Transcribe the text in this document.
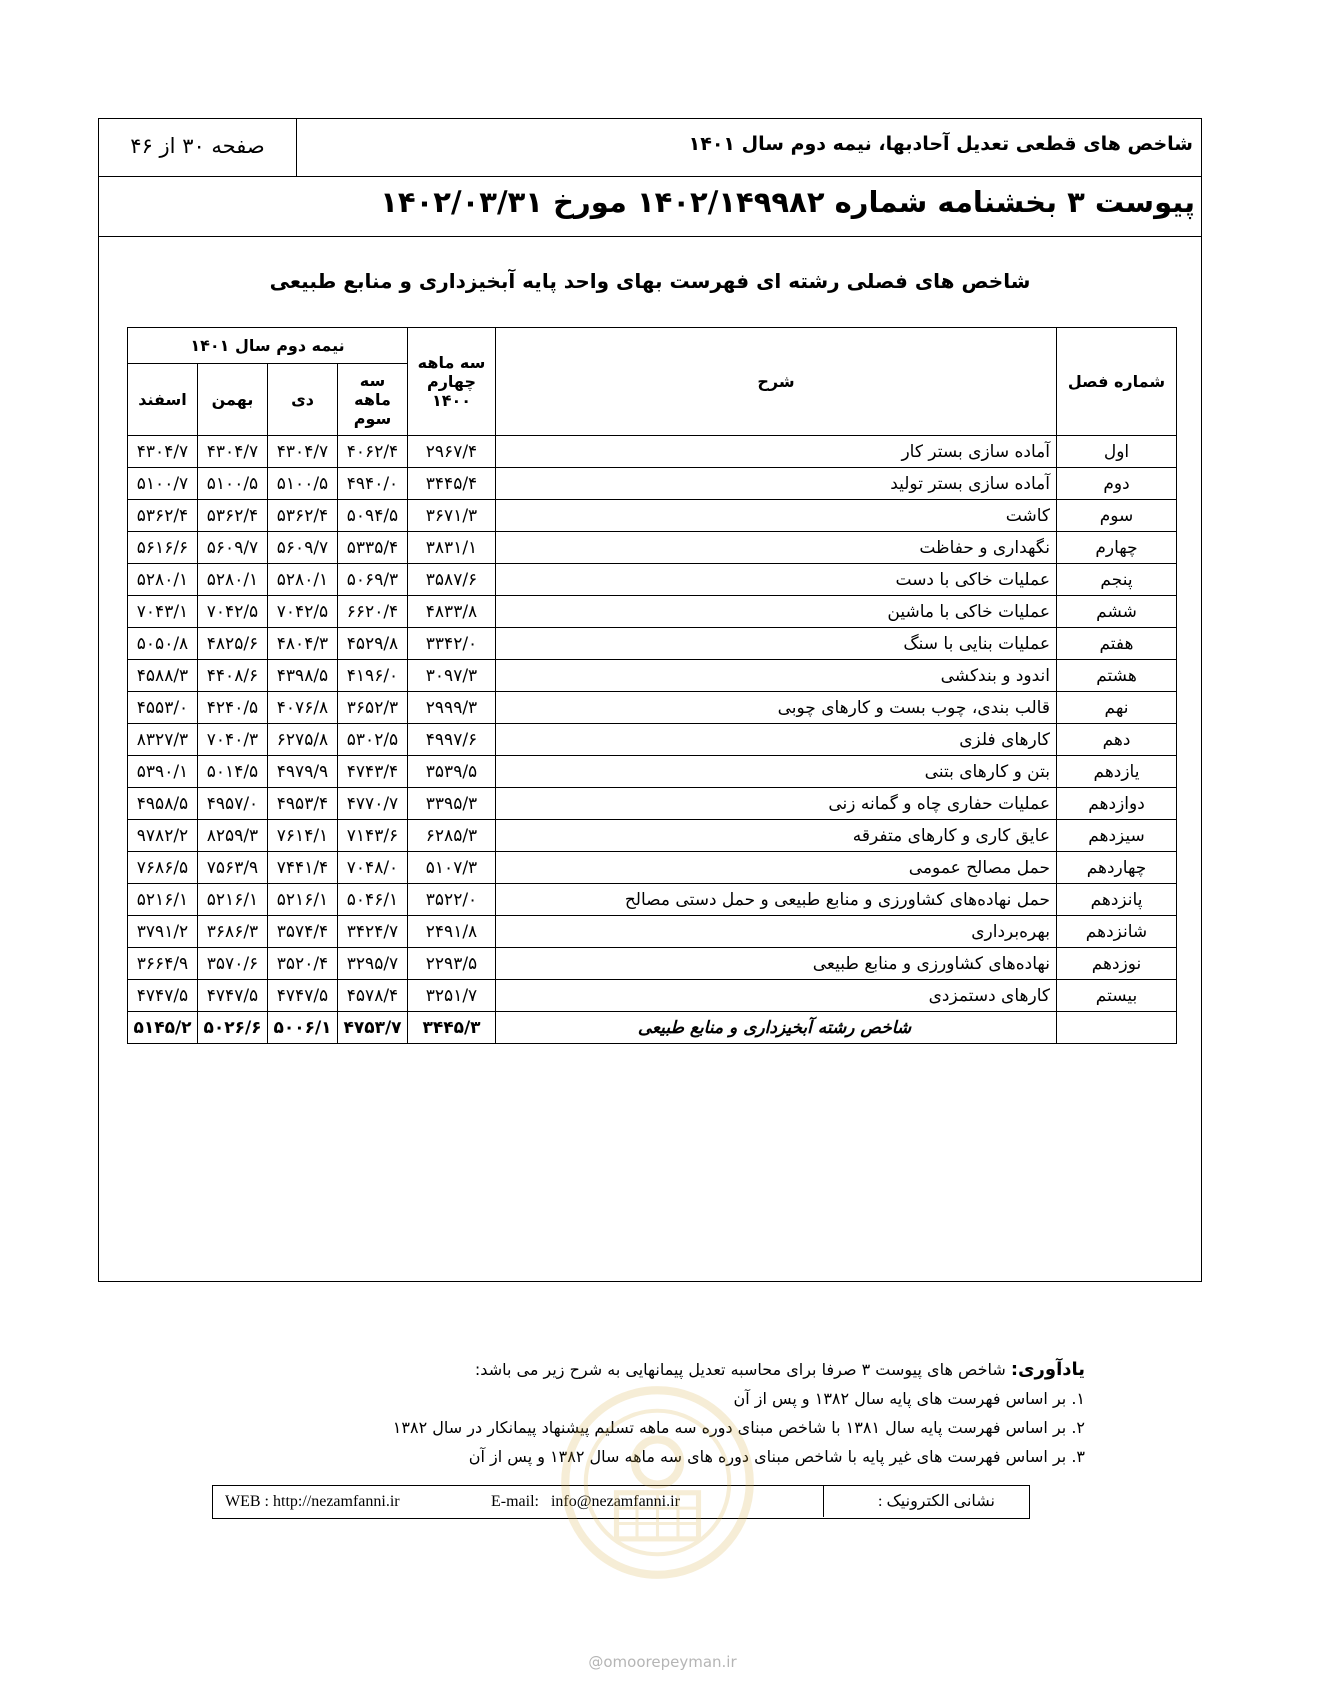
شاخص های قطعی تعدیل آحادبها، نیمه دوم سال ۱۴۰۱
صفحه ۳۰ از ۴۶
پیوست ۳ بخشنامه شماره ۱۴۰۲/۱۴۹۹۸۲ مورخ ۱۴۰۲/۰۳/۳۱
شاخص های فصلی رشته ای فهرست بهای واحد پایه آبخیزداری و منابع طبیعی
شماره فصل	شرح	سه ماهه چهارم ۱۴۰۰	نیمه دوم سال ۱۴۰۱			
			سه ماهه سوم	دی	بهمن	اسفند
اول	آماده سازی بستر کار	۲۹۶۷/۴	۴۰۶۲/۴	۴۳۰۴/۷	۴۳۰۴/۷	۴۳۰۴/۷
دوم	آماده سازی بستر تولید	۳۴۴۵/۴	۴۹۴۰/۰	۵۱۰۰/۵	۵۱۰۰/۵	۵۱۰۰/۷
سوم	کاشت	۳۶۷۱/۳	۵۰۹۴/۵	۵۳۶۲/۴	۵۳۶۲/۴	۵۳۶۲/۴
چهارم	نگهداری و حفاظت	۳۸۳۱/۱	۵۳۳۵/۴	۵۶۰۹/۷	۵۶۰۹/۷	۵۶۱۶/۶
پنجم	عملیات خاکی با دست	۳۵۸۷/۶	۵۰۶۹/۳	۵۲۸۰/۱	۵۲۸۰/۱	۵۲۸۰/۱
ششم	عملیات خاکی با ماشین	۴۸۳۳/۸	۶۶۲۰/۴	۷۰۴۲/۵	۷۰۴۲/۵	۷۰۴۳/۱
هفتم	عملیات بنایی با سنگ	۳۳۴۲/۰	۴۵۲۹/۸	۴۸۰۴/۳	۴۸۲۵/۶	۵۰۵۰/۸
هشتم	اندود و بندکشی	۳۰۹۷/۳	۴۱۹۶/۰	۴۳۹۸/۵	۴۴۰۸/۶	۴۵۸۸/۳
نهم	قالب بندی، چوب بست و کارهای چوبی	۲۹۹۹/۳	۳۶۵۲/۳	۴۰۷۶/۸	۴۲۴۰/۵	۴۵۵۳/۰
دهم	کارهای فلزی	۴۹۹۷/۶	۵۳۰۲/۵	۶۲۷۵/۸	۷۰۴۰/۳	۸۳۲۷/۳
یازدهم	بتن و کارهای بتنی	۳۵۳۹/۵	۴۷۴۳/۴	۴۹۷۹/۹	۵۰۱۴/۵	۵۳۹۰/۱
دوازدهم	عملیات حفاری چاه و گمانه زنی	۳۳۹۵/۳	۴۷۷۰/۷	۴۹۵۳/۴	۴۹۵۷/۰	۴۹۵۸/۵
سیزدهم	عایق کاری و کارهای متفرقه	۶۲۸۵/۳	۷۱۴۳/۶	۷۶۱۴/۱	۸۲۵۹/۳	۹۷۸۲/۲
چهاردهم	حمل مصالح عمومی	۵۱۰۷/۳	۷۰۴۸/۰	۷۴۴۱/۴	۷۵۶۳/۹	۷۶۸۶/۵
پانزدهم	حمل نهاده‌های کشاورزی و منابع طبیعی و حمل دستی مصالح	۳۵۲۲/۰	۵۰۴۶/۱	۵۲۱۶/۱	۵۲۱۶/۱	۵۲۱۶/۱
شانزدهم	بهره‌برداری	۲۴۹۱/۸	۳۴۲۴/۷	۳۵۷۴/۴	۳۶۸۶/۳	۳۷۹۱/۲
نوزدهم	نهاده‌های کشاورزی و منابع طبیعی	۲۲۹۳/۵	۳۲۹۵/۷	۳۵۲۰/۴	۳۵۷۰/۶	۳۶۶۴/۹
بیستم	کارهای دستمزدی	۳۲۵۱/۷	۴۵۷۸/۴	۴۷۴۷/۵	۴۷۴۷/۵	۴۷۴۷/۵
	شاخص رشته آبخیزداری و منابع طبیعی	۳۴۴۵/۳	۴۷۵۳/۷	۵۰۰۶/۱	۵۰۲۶/۶	۵۱۴۵/۲
یادآوری: شاخص های پیوست ۳ صرفا برای محاسبه تعدیل پیمانهایی به شرح زیر می باشد:
۱. بر اساس فهرست های پایه سال ۱۳۸۲ و پس از آن
۲. بر اساس فهرست پایه سال ۱۳۸۱ با شاخص مبنای دوره سه ماهه تسلیم پیشنهاد پیمانکار در سال ۱۳۸۲
۳. بر اساس فهرست های غیر پایه با شاخص مبنای دوره های سه ماهه سال ۱۳۸۲ و پس از آن
نشانی الکترونیک :
E-mail: info@nezamfanni.ir
WEB : http://nezamfanni.ir
@omoorepeyman.ir
